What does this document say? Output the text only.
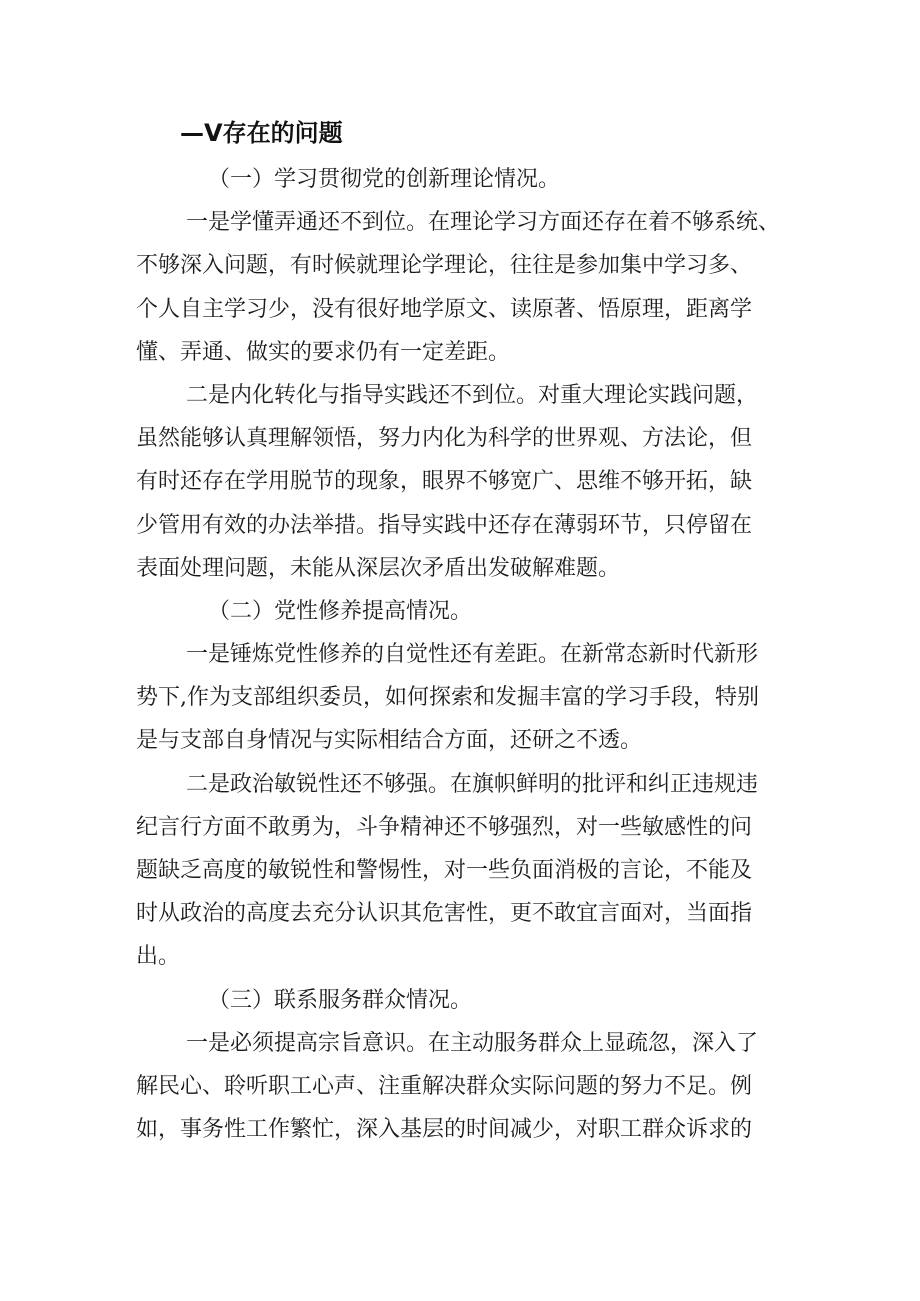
—V存在的问题
（一）学习贯彻党的创新理论情况。
一是学懂弄通还不到位。在理论学习方面还存在着不够系统、
不够深入问题，有时候就理论学理论，往往是参加集中学习多、
个人自主学习少，没有很好地学原文、读原著、悟原理，距离学
懂、弄通、做实的要求仍有一定差距。
二是内化转化与指导实践还不到位。对重大理论实践问题，
虽然能够认真理解领悟，努力内化为科学的世界观、方法论，但
有时还存在学用脱节的现象，眼界不够宽广、思维不够开拓，缺
少管用有效的办法举措。指导实践中还存在薄弱环节，只停留在
表面处理问题，未能从深层次矛盾出发破解难题。
（二）党性修养提高情况。
一是锤炼党性修养的自觉性还有差距。在新常态新时代新形
势下,作为支部组织委员，如何探索和发掘丰富的学习手段，特别
是与支部自身情况与实际相结合方面，还研之不透。
二是政治敏锐性还不够强。在旗帜鲜明的批评和纠正违规违
纪言行方面不敢勇为，斗争精神还不够强烈，对一些敏感性的问
题缺乏高度的敏锐性和警惕性，对一些负面消极的言论，不能及
时从政治的高度去充分认识其危害性，更不敢宜言面对，当面指
出。
（三）联系服务群众情况。
一是必须提高宗旨意识。在主动服务群众上显疏忽，深入了
解民心、聆听职工心声、注重解决群众实际问题的努力不足。例
如，事务性工作繁忙，深入基层的时间减少，对职工群众诉求的
